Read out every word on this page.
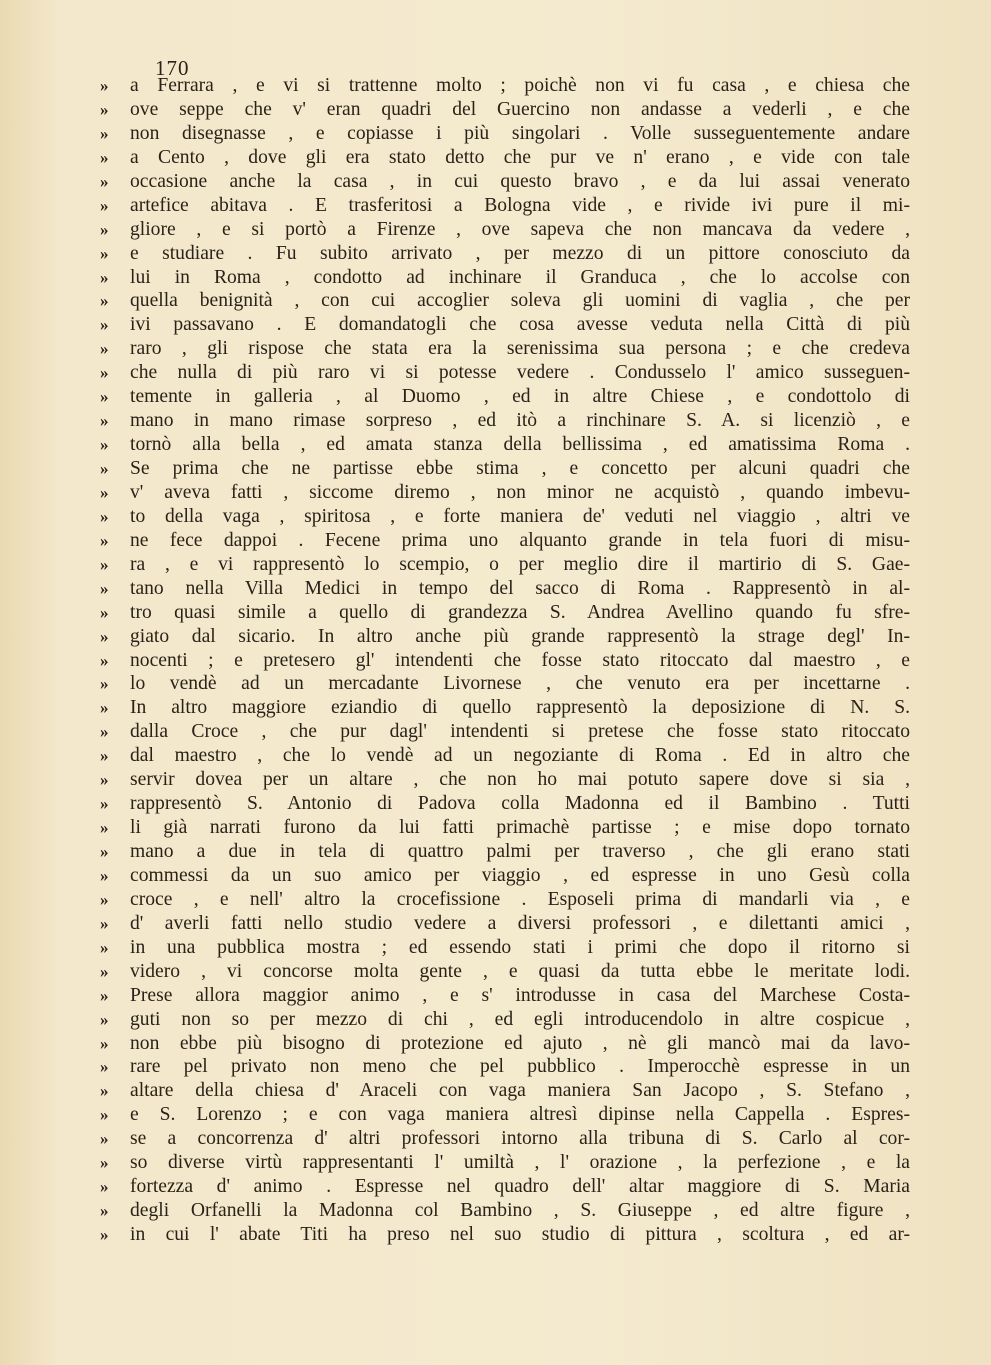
170
»	a Ferrara , e vi si trattenne molto ; poichè non vi fu casa , e chiesa che
»	ove seppe che v' eran quadri del Guercino non andasse a vederli , e che
»	non disegnasse , e copiasse i più singolari . Volle susseguentemente andare
»	a Cento , dove gli era stato detto che pur ve n' erano , e vide con tale
»	occasione anche la casa , in cui questo bravo , e da lui assai venerato
»	artefice abitava . E trasferitosi a Bologna vide , e rivide ivi pure il mi-
»	gliore , e si portò a Firenze , ove sapeva che non mancava da vedere ,
»	e studiare . Fu subito arrivato , per mezzo di un pittore conosciuto da
»	lui in Roma , condotto ad inchinare il Granduca , che lo accolse con
»	quella benignità , con cui accoglier soleva gli uomini di vaglia , che per
»	ivi passavano . E domandatogli che cosa avesse veduta nella Città di più
»	raro , gli rispose che stata era la serenissima sua persona ; e che credeva
»	che nulla di più raro vi si potesse vedere . Condusselo l' amico susseguen-
»	temente in galleria , al Duomo , ed in altre Chiese , e condottolo di
»	mano in mano rimase sorpreso , ed itò a rinchinare S. A. si licenziò , e
»	tornò alla bella , ed amata stanza della bellissima , ed amatissima Roma .
»	Se prima che ne partisse ebbe stima , e concetto per alcuni quadri che
»	v' aveva fatti , siccome diremo , non minor ne acquistò , quando imbevu-
»	to della vaga , spiritosa , e forte maniera de' veduti nel viaggio , altri ve
»	ne fece dappoi . Fecene prima uno alquanto grande in tela fuori di misu-
»	ra , e vi rappresentò lo scempio, o per meglio dire il martirio di S. Gae-
»	tano nella Villa Medici in tempo del sacco di Roma . Rappresentò in al-
»	tro quasi simile a quello di grandezza S. Andrea Avellino quando fu sfre-
»	giato dal sicario. In altro anche più grande rappresentò la strage degl' In-
»	nocenti ; e pretesero gl' intendenti che fosse stato ritoccato dal maestro , e
»	lo vendè ad un mercadante Livornese , che venuto era per incettarne .
»	In altro maggiore eziandio di quello rappresentò la deposizione di N. S.
»	dalla Croce , che pur dagl' intendenti si pretese che fosse stato ritoccato
»	dal maestro , che lo vendè ad un negoziante di Roma . Ed in altro che
»	servir dovea per un altare , che non ho mai potuto sapere dove si sia ,
»	rappresentò S. Antonio di Padova colla Madonna ed il Bambino . Tutti
»	li già narrati furono da lui fatti primachè partisse ; e mise dopo tornato
»	mano a due in tela di quattro palmi per traverso , che gli erano stati
»	commessi da un suo amico per viaggio , ed espresse in uno Gesù colla
»	croce , e nell' altro la crocefissione . Esposeli prima di mandarli via , e
»	d' averli fatti nello studio vedere a diversi professori , e dilettanti amici ,
»	in una pubblica mostra ; ed essendo stati i primi che dopo il ritorno si
»	videro , vi concorse molta gente , e quasi da tutta ebbe le meritate lodi.
»	Prese allora maggior animo , e s' introdusse in casa del Marchese Costa-
»	guti non so per mezzo di chi , ed egli introducendolo in altre cospicue ,
»	non ebbe più bisogno di protezione ed ajuto , nè gli mancò mai da lavo-
»	rare pel privato non meno che pel pubblico . Imperocchè espresse in un
»	altare della chiesa d' Araceli con vaga maniera San Jacopo , S. Stefano ,
»	e S. Lorenzo ; e con vaga maniera altresì dipinse nella Cappella . Espres-
»	se a concorrenza d' altri professori intorno alla tribuna di S. Carlo al cor-
»	so diverse virtù rappresentanti l' umiltà , l' orazione , la perfezione , e la
»	fortezza d' animo . Espresse nel quadro dell' altar maggiore di S. Maria
»	degli Orfanelli la Madonna col Bambino , S. Giuseppe , ed altre figure ,
»	in cui l' abate Titi ha preso nel suo studio di pittura , scoltura , ed ar-
